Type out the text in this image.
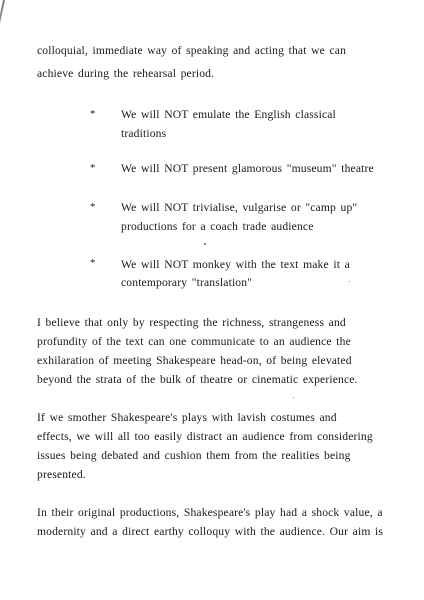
colloquial, immediate way of speaking and acting that we can
achieve during the rehearsal period.
* We will NOT emulate the English classical
traditions
* We will NOT present glamorous "museum" theatre
* We will NOT trivialise, vulgarise or "camp up"
productions for a coach trade audience
* We will NOT monkey with the text make it a
contemporary "translation"
I believe that only by respecting the richness, strangeness and
profundity of the text can one communicate to an audience the
exhilaration of meeting Shakespeare head-on, of being elevated
beyond the strata of the bulk of theatre or cinematic experience.
If we smother Shakespeare's plays with lavish costumes and
effects, we will all too easily distract an audience from considering
issues being debated and cushion them from the realities being
presented.
In their original productions, Shakespeare's play had a shock value, a
modernity and a direct earthy colloquy with the audience. Our aim is
